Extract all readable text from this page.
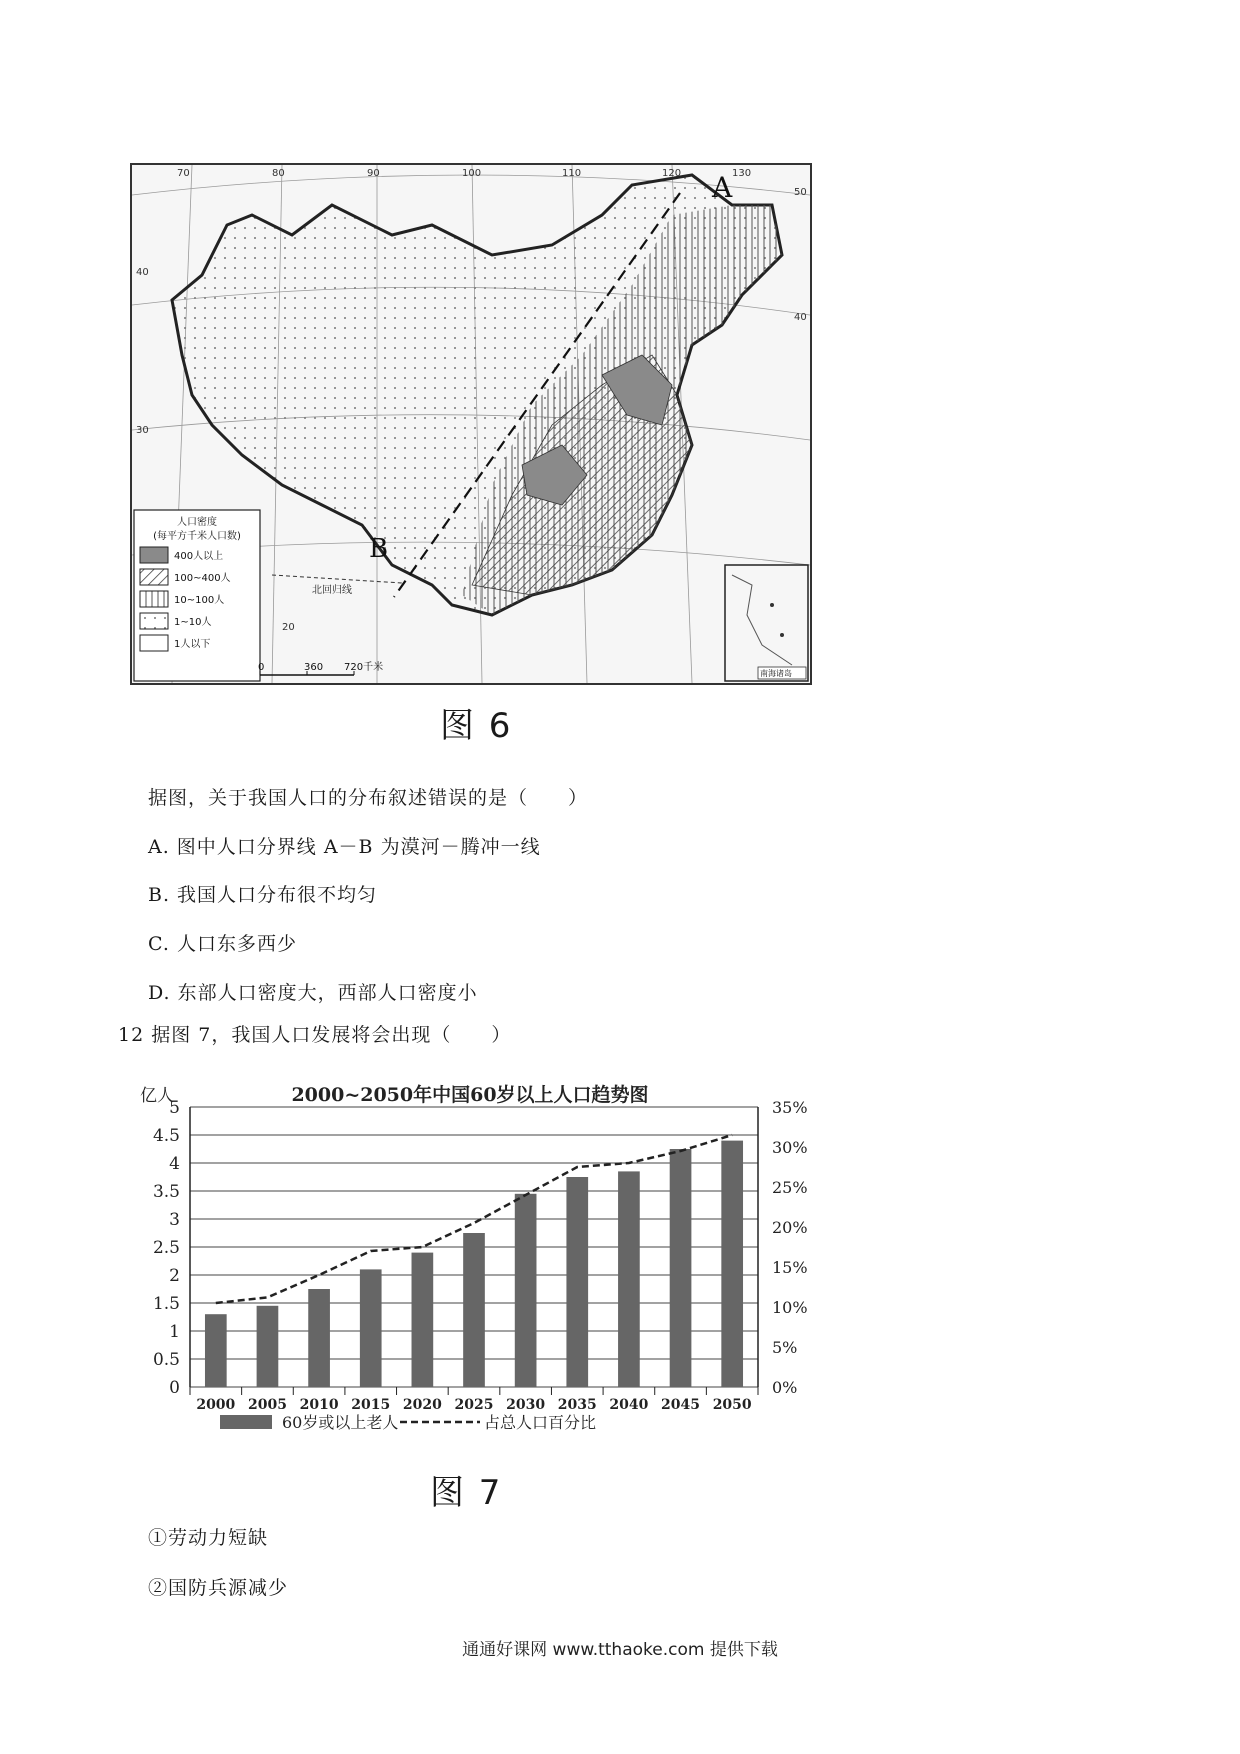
A
B
北回归线
70	80	90	100	110	120	130
50
40
30
40
20
南海诸岛
人口密度
(每平方千米人口数)
400人以上
100~400人
10~100人
1~10人
1人以下
0	360 720千米
图 6
据图，关于我国人口的分布叙述错误的是（　　）
A. 图中人口分界线 A－B 为漠河－腾冲一线
B. 我国人口分布很不均匀
C. 人口东多西少
D. 东部人口密度大，西部人口密度小
12 据图 7，我国人口发展将会出现（　　）
亿人	2000~2050年中国60岁以上人口趋势图
0
0.5
1
1.5
2
2.5
3
3.5
4
4.5
5
0%
5%
10%
15%
20%
25%
30%
35%
2000 2005 2010 2015 2020 2025 2030 2035 2040 2045 2050
60岁或以上老人	占总人口百分比
图 7
①劳动力短缺
②国防兵源减少
通通好课网 www.tthaoke.com 提供下载
